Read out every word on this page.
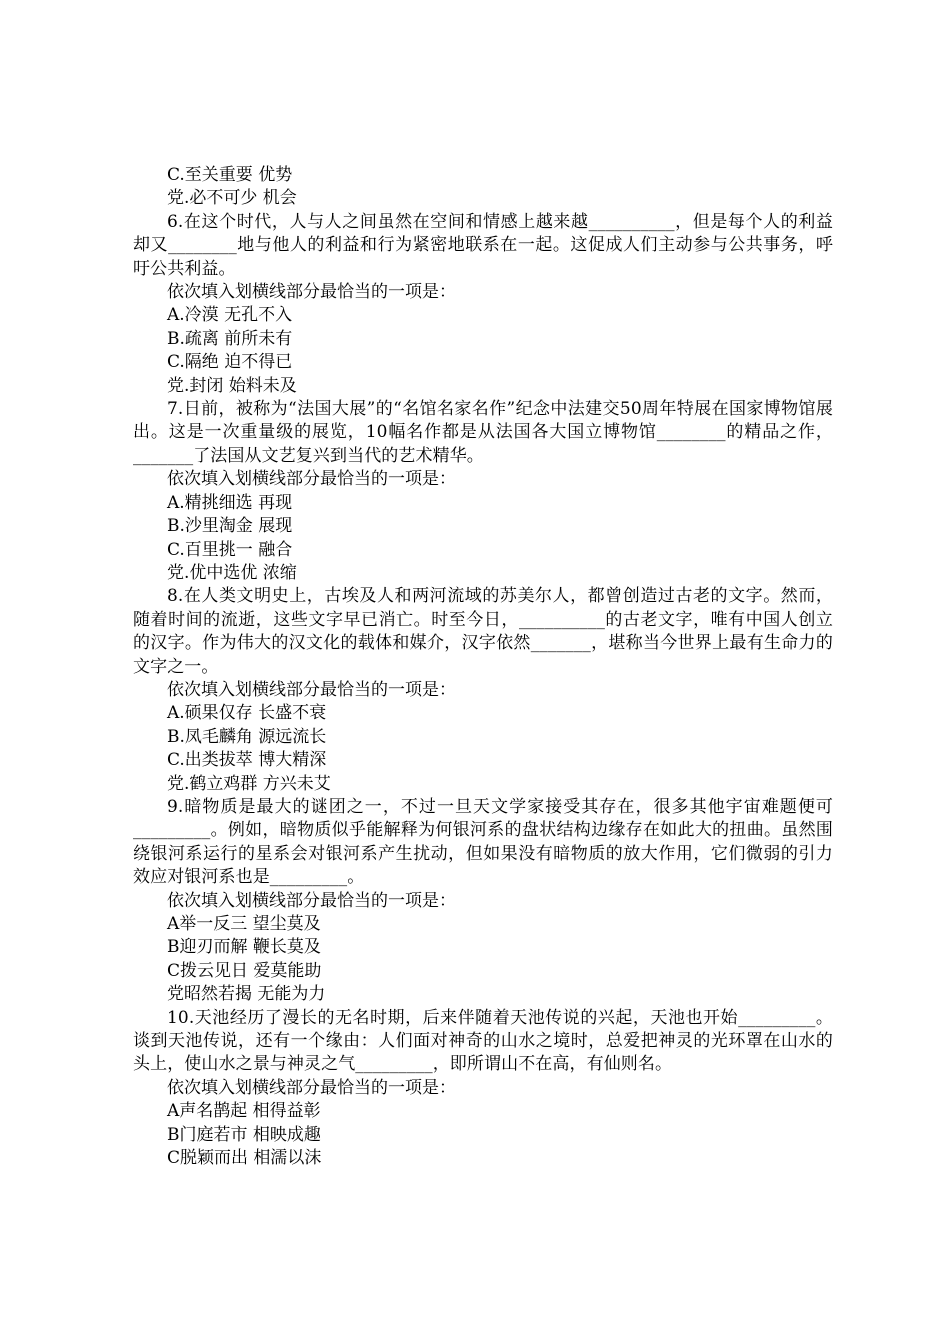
C.至关重要 优势
党.必不可少 机会
6.在这个时代，人与人之间虽然在空间和情感上越来越__________，但是每个人的利益却又________地与他人的利益和行为紧密地联系在一起。这促成人们主动参与公共事务，呼吁公共利益。
依次填入划横线部分最恰当的一项是：
A.冷漠 无孔不入
B.疏离 前所未有
C.隔绝 迫不得已
党.封闭 始料未及
7.日前，被称为“法国大展”的“名馆名家名作”纪念中法建交50周年特展在国家博物馆展出。这是一次重量级的展览，10幅名作都是从法国各大国立博物馆________的精品之作，_______了法国从文艺复兴到当代的艺术精华。
依次填入划横线部分最恰当的一项是：
A.精挑细选 再现
B.沙里淘金 展现
C.百里挑一 融合
党.优中选优 浓缩
8.在人类文明史上，古埃及人和两河流域的苏美尔人，都曾创造过古老的文字。然而，随着时间的流逝，这些文字早已消亡。时至今日，__________的古老文字，唯有中国人创立的汉字。作为伟大的汉文化的载体和媒介，汉字依然_______，堪称当今世界上最有生命力的文字之一。
依次填入划横线部分最恰当的一项是：
A.硕果仅存 长盛不衰
B.凤毛麟角 源远流长
C.出类拔萃 博大精深
党.鹤立鸡群 方兴未艾
9.暗物质是最大的谜团之一，不过一旦天文学家接受其存在，很多其他宇宙难题便可_________。例如，暗物质似乎能解释为何银河系的盘状结构边缘存在如此大的扭曲。虽然围绕银河系运行的星系会对银河系产生扰动，但如果没有暗物质的放大作用，它们微弱的引力效应对银河系也是_________。
依次填入划横线部分最恰当的一项是：
A举一反三 望尘莫及
B迎刃而解 鞭长莫及
C拨云见日 爱莫能助
党昭然若揭 无能为力
10.天池经历了漫长的无名时期，后来伴随着天池传说的兴起，天池也开始_________。谈到天池传说，还有一个缘由：人们面对神奇的山水之境时，总爱把神灵的光环罩在山水的头上，使山水之景与神灵之气_________，即所谓山不在高，有仙则名。
依次填入划横线部分最恰当的一项是：
A声名鹊起 相得益彰
B门庭若市 相映成趣
C脱颖而出 相濡以沫
